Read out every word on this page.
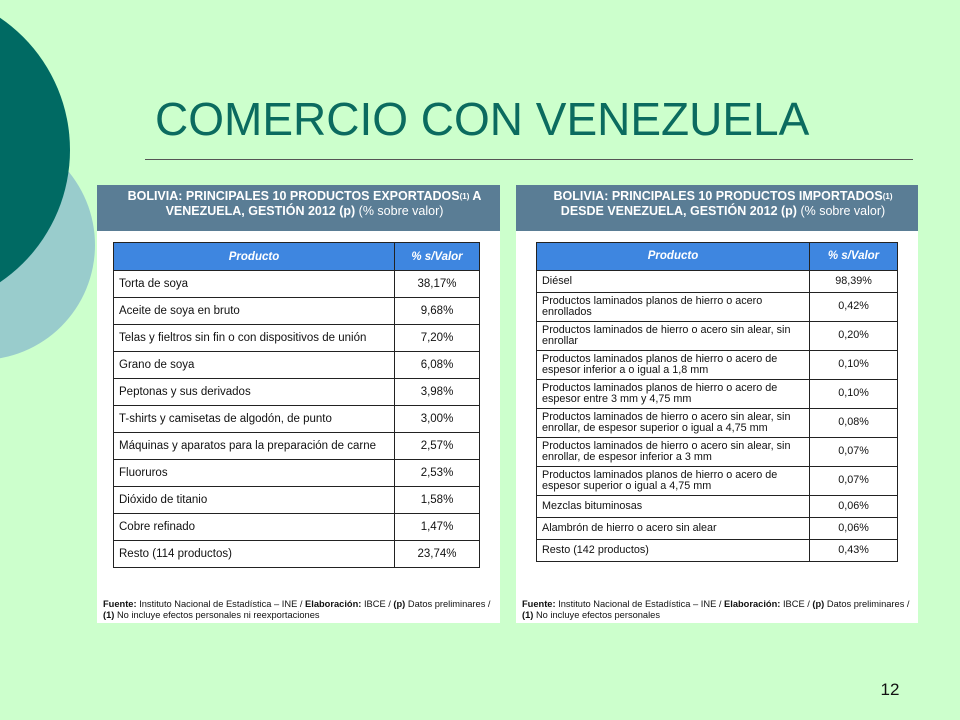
COMERCIO CON VENEZUELA
BOLIVIA: PRINCIPALES 10 PRODUCTOS EXPORTADOS$^{(1)}$ A
VENEZUELA, GESTIÓN 2012 (p) (% sobre valor)
Producto	% s/Valor
Torta de soya	38,17%
Aceite de soya en bruto	9,68%
Telas y fieltros sin fin o con dispositivos de unión	7,20%
Grano de soya	6,08%
Peptonas y sus derivados	3,98%
T-shirts y camisetas de algodón, de punto	3,00%
Máquinas y aparatos para la preparación de carne	2,57%
Fluoruros	2,53%
Dióxido de titanio	1,58%
Cobre refinado	1,47%
Resto (114 productos)	23,74%
Fuente: Instituto Nacional de Estadística – INE / Elaboración: IBCE / (p) Datos preliminares /
(1) No incluye efectos personales ni reexportaciones
BOLIVIA: PRINCIPALES 10 PRODUCTOS IMPORTADOS$^{(1)}$
DESDE VENEZUELA, GESTIÓN 2012 (p) (% sobre valor)
Producto	% s/Valor
Diésel	98,39%
Productos laminados planos de hierro o acero enrollados	0,42%
Productos laminados de hierro o acero sin alear, sin enrollar	0,20%
Productos laminados planos de hierro o acero de espesor inferior a o igual a 1,8 mm	0,10%
Productos laminados planos de hierro o acero de espesor entre 3 mm y 4,75 mm	0,10%
Productos laminados de hierro o acero sin alear, sin enrollar, de espesor superior o igual a 4,75 mm	0,08%
Productos laminados de hierro o acero sin alear, sin enrollar, de espesor inferior a 3 mm	0,07%
Productos laminados planos de hierro o acero de espesor superior o igual a 4,75 mm	0,07%
Mezclas bituminosas	0,06%
Alambrón de hierro o acero sin alear	0,06%
Resto (142 productos)	0,43%
Fuente: Instituto Nacional de Estadística – INE / Elaboración: IBCE / (p) Datos preliminares /
(1) No incluye efectos personales
12
